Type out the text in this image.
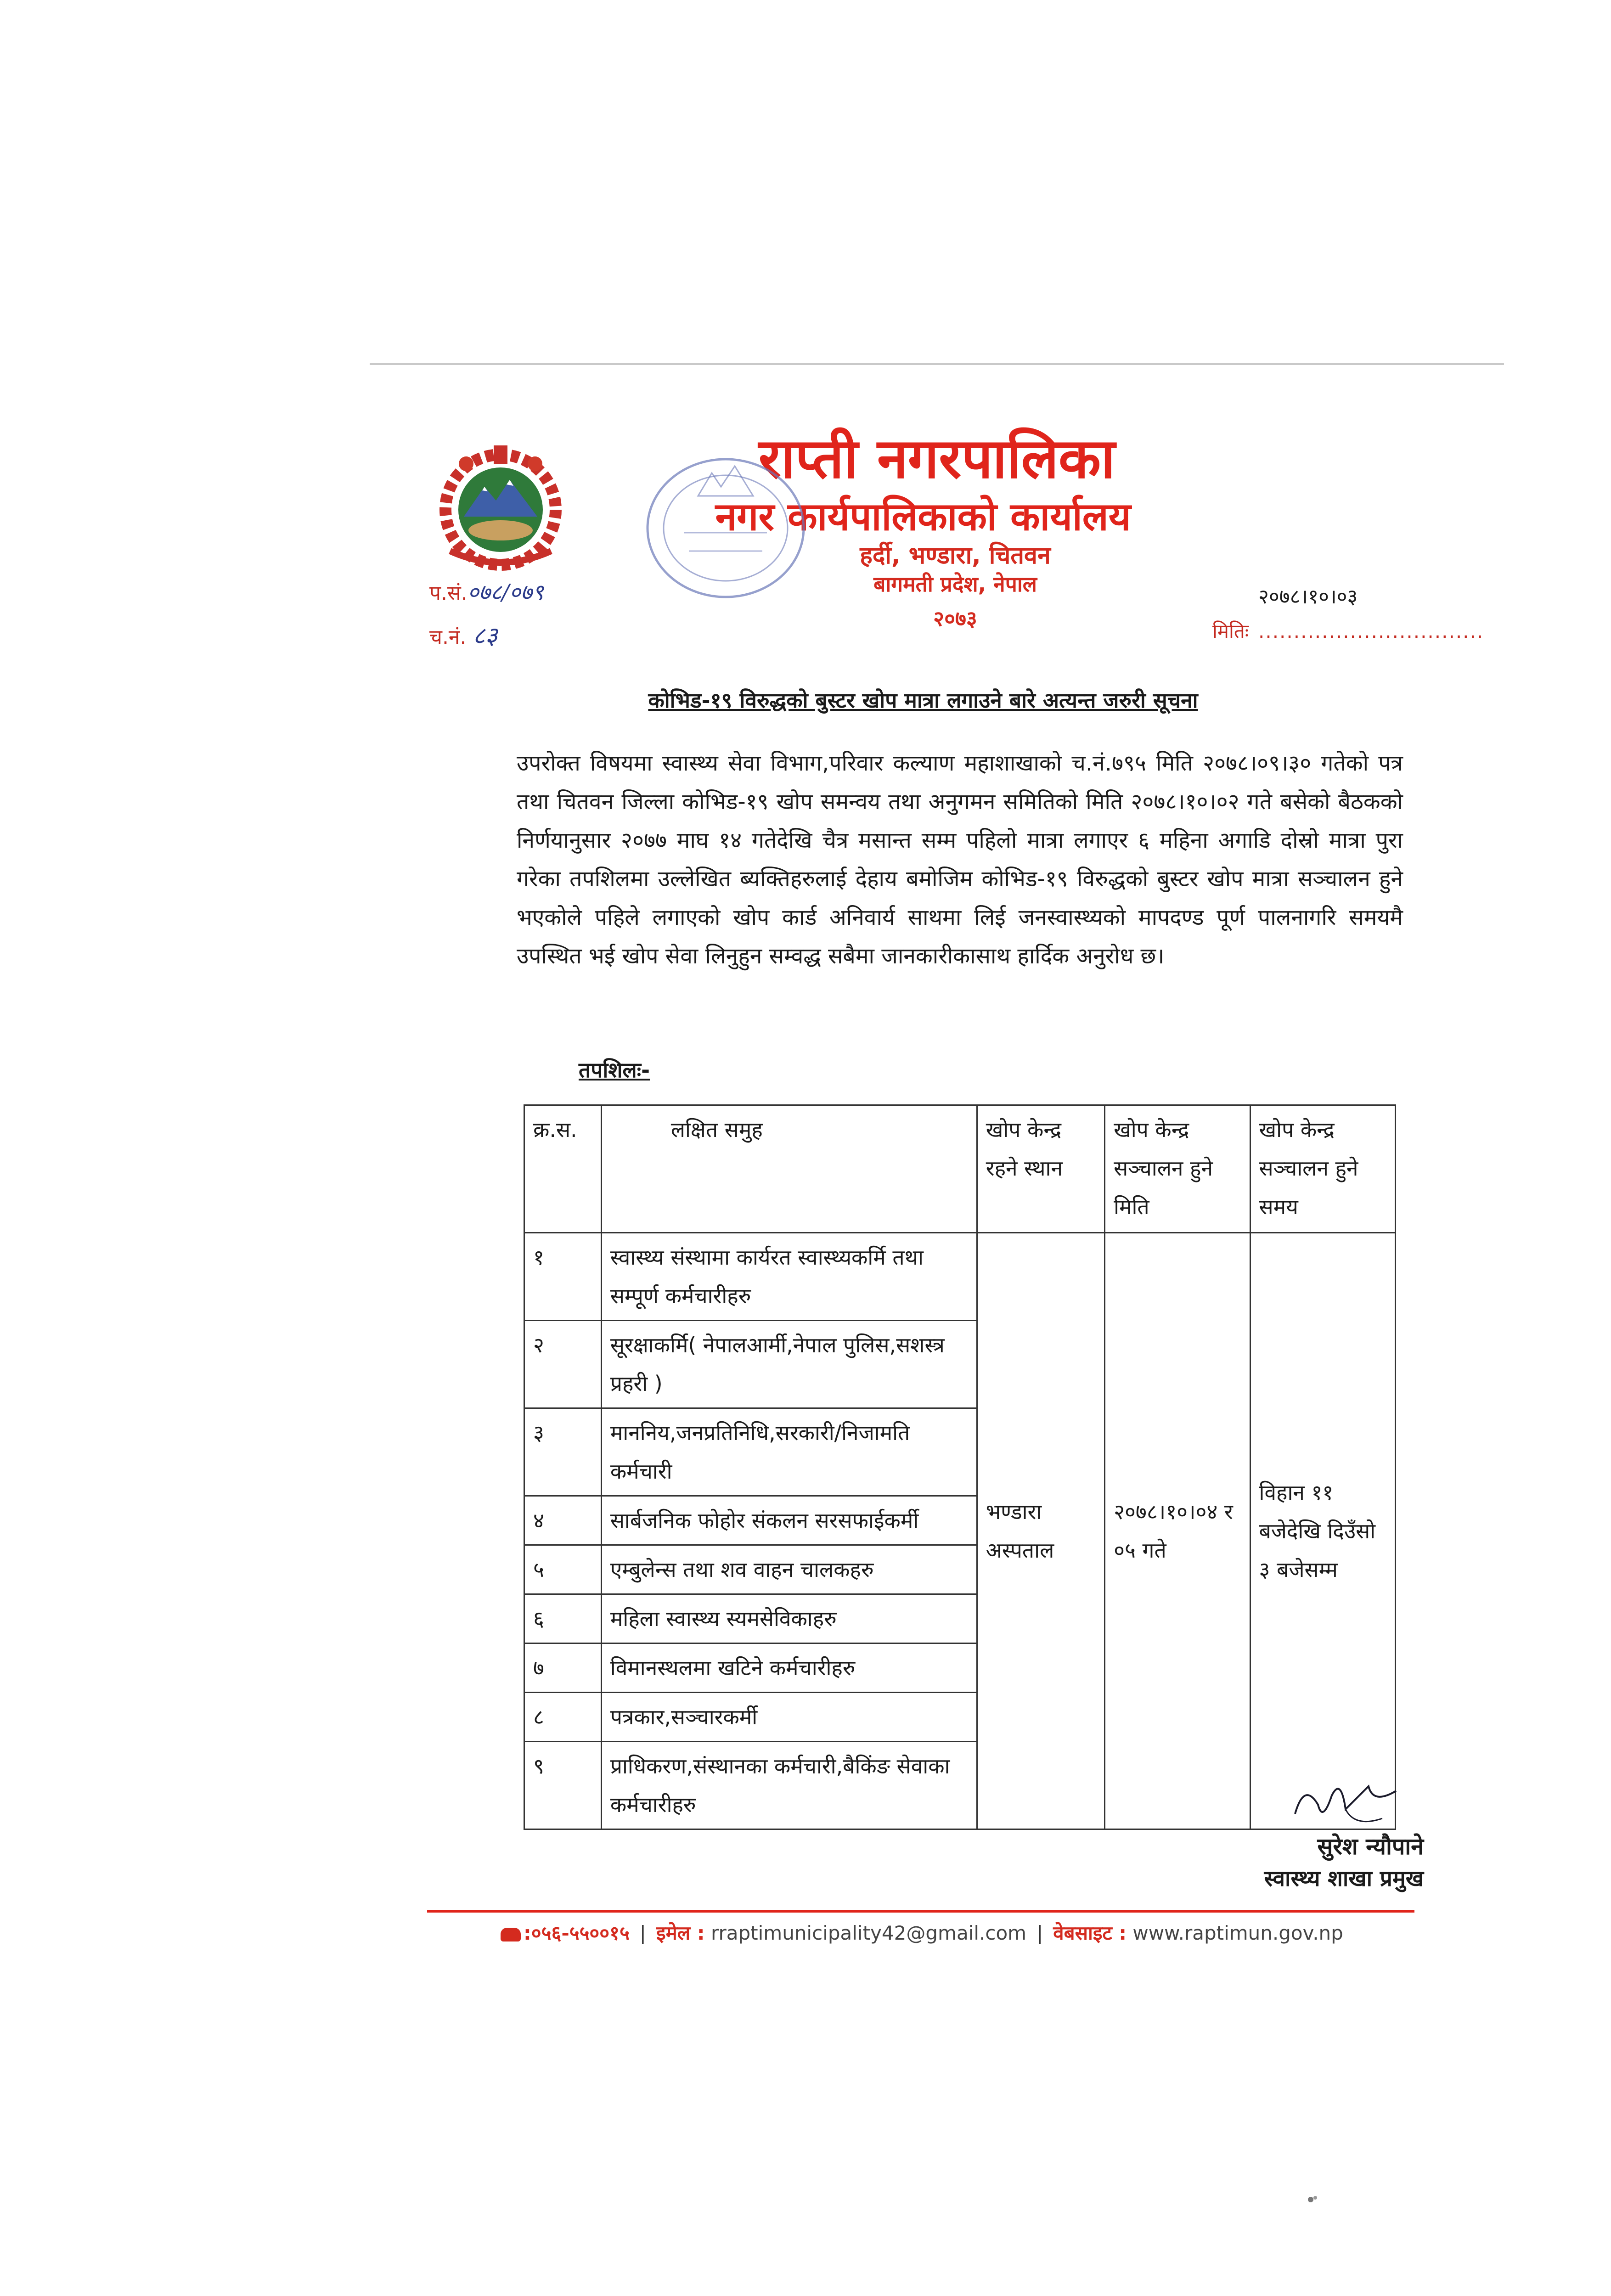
राप्ती नगरपालिका
नगर कार्यपालिकाको कार्यालय
हर्दी, भण्डारा, चितवन
बागमती प्रदेश, नेपाल
२०७३
प.सं.०७८/०७९
च.नं. ८३
२०७८।१०।०३
मितिः ................................
कोभिड-१९ विरुद्धको बुस्टर खोप मात्रा लगाउने बारे अत्यन्त जरुरी सूचना
उपरोक्त विषयमा स्वास्थ्य सेवा विभाग,परिवार कल्याण महाशाखाको च.नं.७९५ मिति २०७८।०९।३० गतेको पत्र तथा चितवन जिल्ला कोभिड-१९ खोप समन्वय तथा अनुगमन समितिको मिति २०७८।१०।०२ गते बसेको बैठकको निर्णयानुसार २०७७ माघ १४ गतेदेखि चैत्र मसान्त सम्म पहिलो मात्रा लगाएर ६ महिना अगाडि दोस्रो मात्रा पुरा गरेका तपशिलमा उल्लेखित ब्यक्तिहरुलाई देहाय बमोजिम कोभिड-१९ विरुद्धको बुस्टर खोप मात्रा सञ्चालन हुने भएकोले पहिले लगाएको खोप कार्ड अनिवार्य साथमा लिई जनस्वास्थ्यको मापदण्ड पूर्ण पालनागरि समयमै उपस्थित भई खोप सेवा लिनुहुन सम्वद्ध सबैमा जानकारीकासाथ हार्दिक अनुरोध छ।
तपशिलः-
क्र.स.	लक्षित समुह	खोप केन्द्र रहने स्थान	खोप केन्द्र सञ्चालन हुने मिति	खोप केन्द्र सञ्चालन हुने समय
१	स्वास्थ्य संस्थामा कार्यरत स्वास्थ्यकर्मि तथा सम्पूर्ण कर्मचारीहरु	भण्डारा अस्पताल	२०७८।१०।०४ र ०५ गते	विहान ११ बजेदेखि दिउँसो ३ बजेसम्म
२	सूरक्षाकर्मि( नेपालआर्मी,नेपाल पुलिस,सशस्त्र प्रहरी )			
३	माननिय,जनप्रतिनिधि,सरकारी/निजामति कर्मचारी			
४	सार्बजनिक फोहोर संकलन सरसफाईकर्मी			
५	एम्बुलेन्स तथा शव वाहन चालकहरु			
६	महिला स्वास्थ्य स्यमसेविकाहरु			
७	विमानस्थलमा खटिने कर्मचारीहरु			
८	पत्रकार,सञ्चारकर्मी			
९	प्राधिकरण,संस्थानका कर्मचारी,बैकिंङ सेवाका कर्मचारीहरु			
सुरेश न्यौपाने
स्वास्थ्य शाखा प्रमुख
:०५६-५५००१५ | इमेल : rraptimunicipality42@gmail.com | वेबसाइट : www.raptimun.gov.np
